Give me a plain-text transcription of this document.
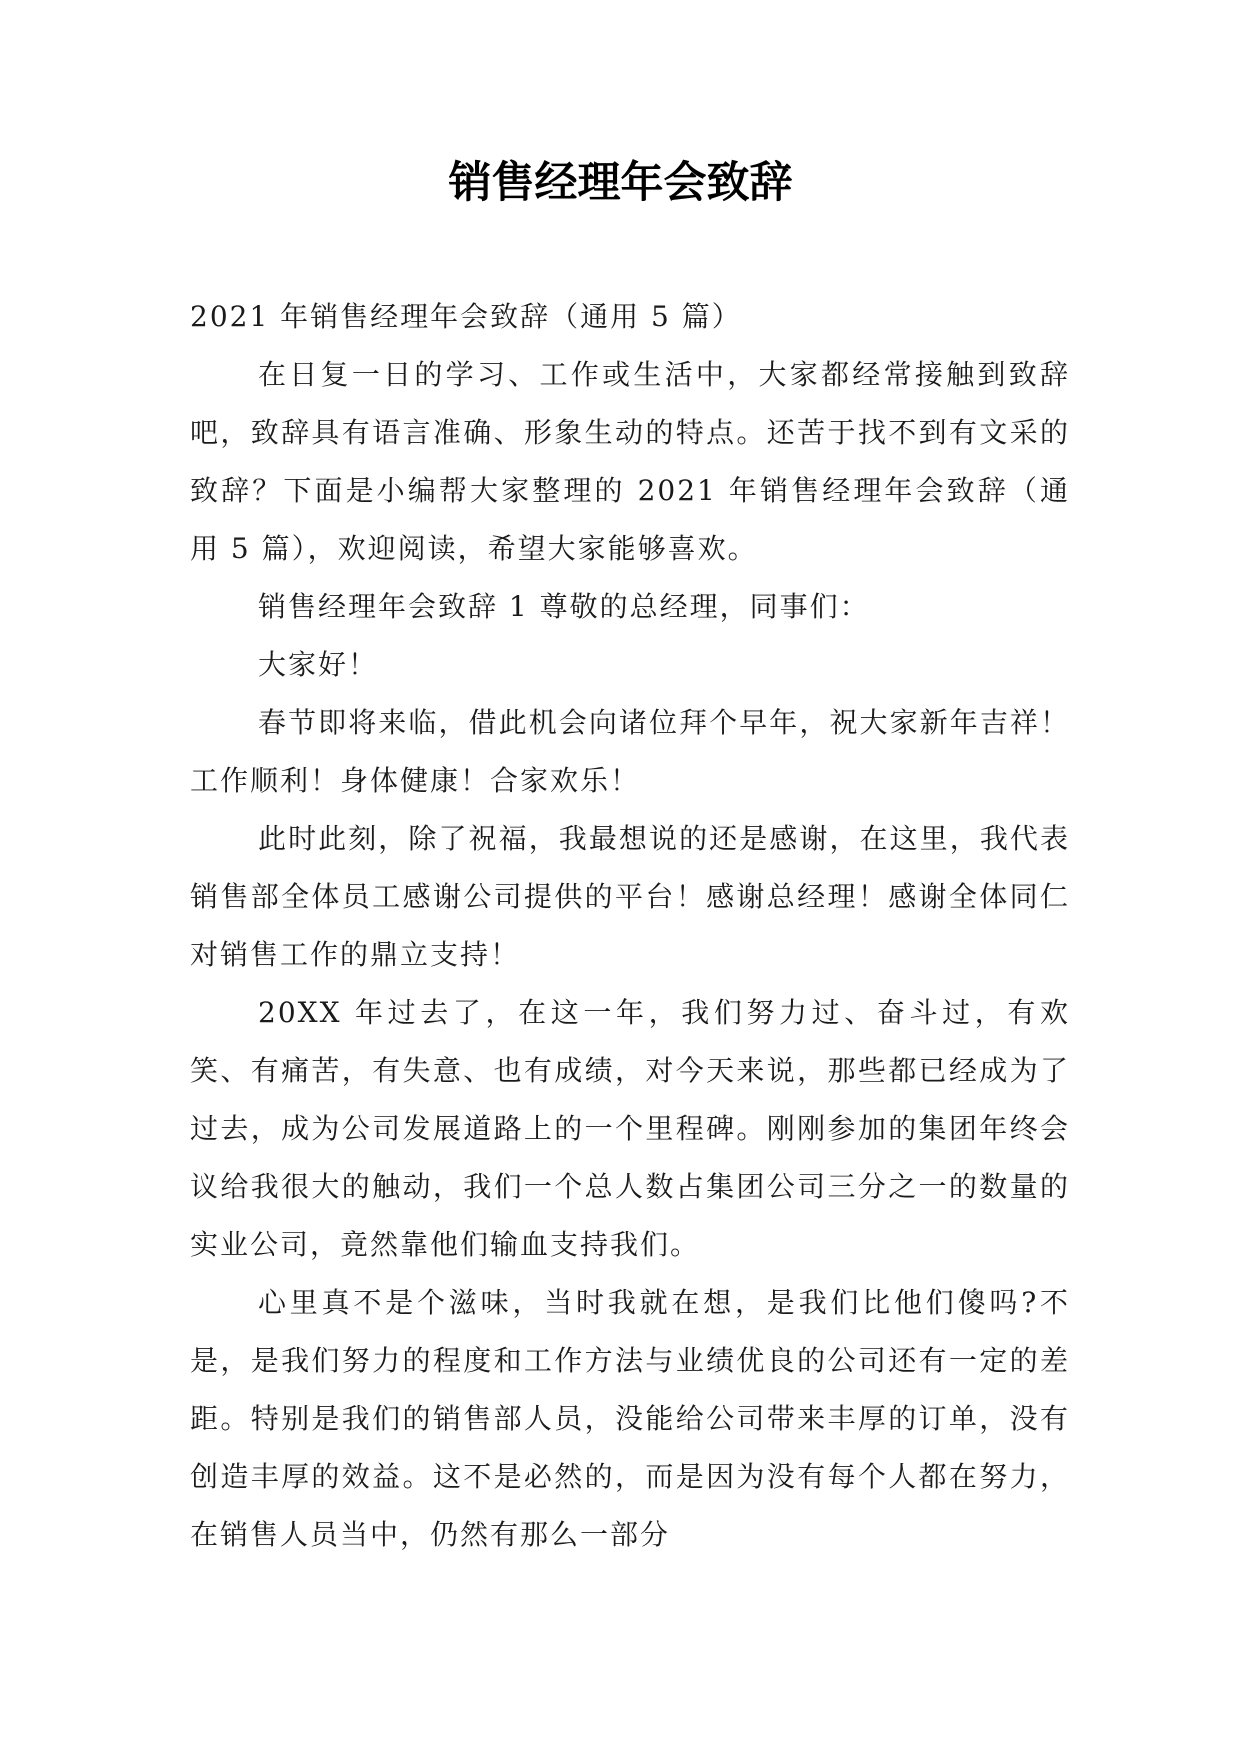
销售经理年会致辞

2021 年销售经理年会致辞（通用 5 篇）

在日复一日的学习、工作或生活中，大家都经常接触到致辞吧，致辞具有语言准确、形象生动的特点。还苦于找不到有文采的致辞？下面是小编帮大家整理的 2021 年销售经理年会致辞（通用 5 篇），欢迎阅读，希望大家能够喜欢。

销售经理年会致辞 1 尊敬的总经理，同事们：

大家好！

春节即将来临，借此机会向诸位拜个早年，祝大家新年吉祥！工作顺利！身体健康！合家欢乐！

此时此刻，除了祝福，我最想说的还是感谢，在这里，我代表销售部全体员工感谢公司提供的平台！感谢总经理！感谢全体同仁对销售工作的鼎立支持！

20XX 年过去了，在这一年，我们努力过、奋斗过，有欢笑、有痛苦，有失意、也有成绩，对今天来说，那些都已经成为了过去，成为公司发展道路上的一个里程碑。刚刚参加的集团年终会议给我很大的触动，我们一个总人数占集团公司三分之一的数量的实业公司，竟然靠他们输血支持我们。

心里真不是个滋味，当时我就在想，是我们比他们傻吗?不是，是我们努力的程度和工作方法与业绩优良的公司还有一定的差距。特别是我们的销售部人员，没能给公司带来丰厚的订单，没有创造丰厚的效益。这不是必然的，而是因为没有每个人都在努力，在销售人员当中，仍然有那么一部分
